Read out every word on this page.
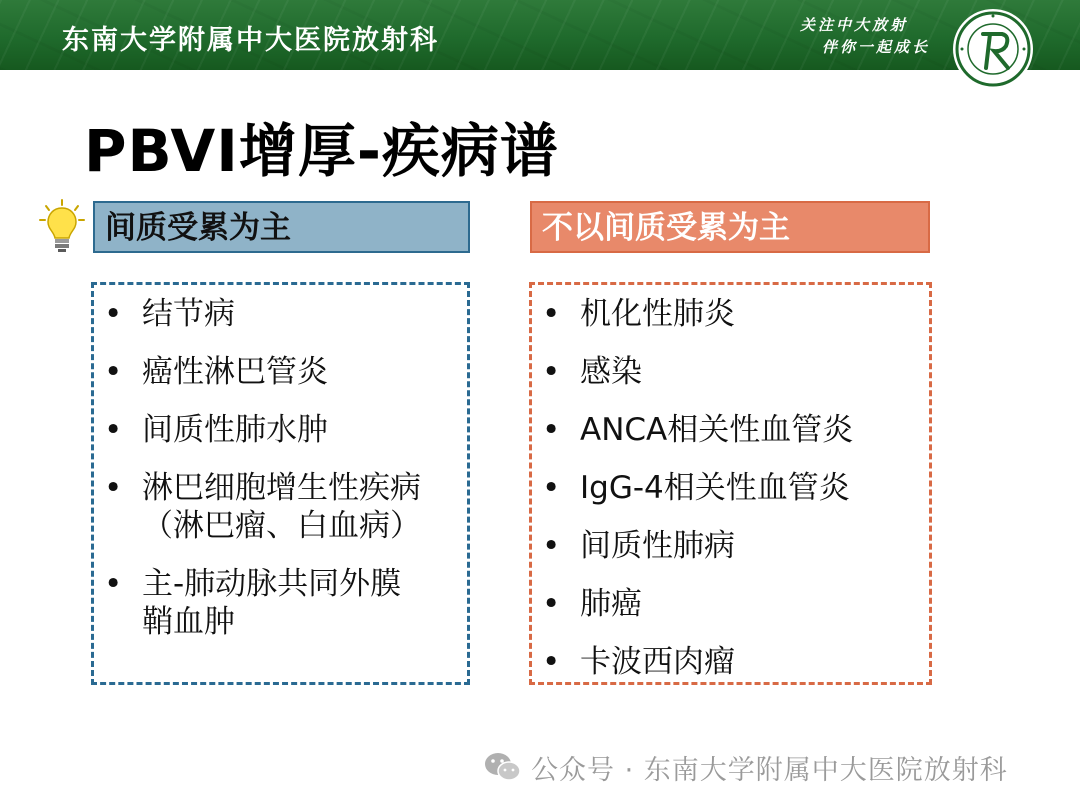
东南大学附属中大医院放射科	关注中大放射
伴你一起成长
PBVI增厚-疾病谱
间质受累为主	不以间质受累为主
• 结节病
• 癌性淋巴管炎
• 间质性肺水肿
• 淋巴细胞增生性疾病
（淋巴瘤、白血病）
• 主-肺动脉共同外膜
鞘血肿
• 机化性肺炎
• 感染
• ANCA相关性血管炎
• IgG-4相关性血管炎
• 间质性肺病
• 肺癌
• 卡波西肉瘤
公众号 · 东南大学附属中大医院放射科
